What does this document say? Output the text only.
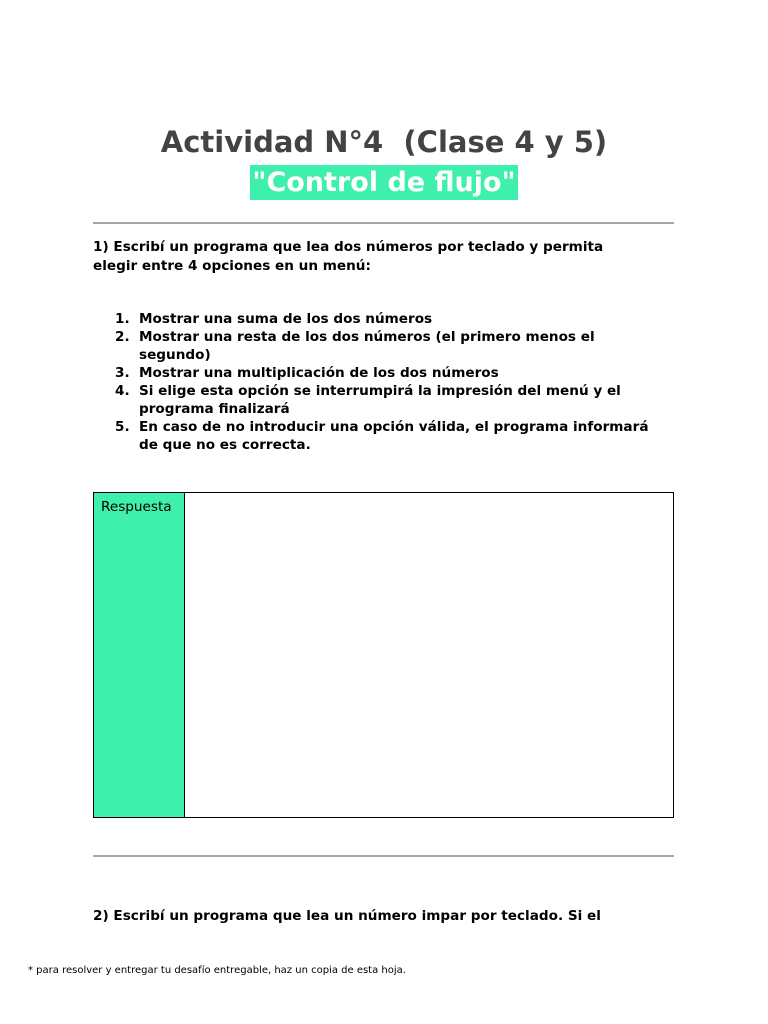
Actividad N°4  (Clase 4 y 5)
"Control de flujo"
1) Escribí un programa que lea dos números por teclado y permita
elegir entre 4 opciones en un menú:
1. Mostrar una suma de los dos números
2. Mostrar una resta de los dos números (el primero menos el
segundo)
3. Mostrar una multiplicación de los dos números
4. Si elige esta opción se interrumpirá la impresión del menú y el
programa finalizará
5. En caso de no introducir una opción válida, el programa informará
de que no es correcta.
Respuesta
2) Escribí un programa que lea un número impar por teclado. Si el
* para resolver y entregar tu desafío entregable, haz un copia de esta hoja.
